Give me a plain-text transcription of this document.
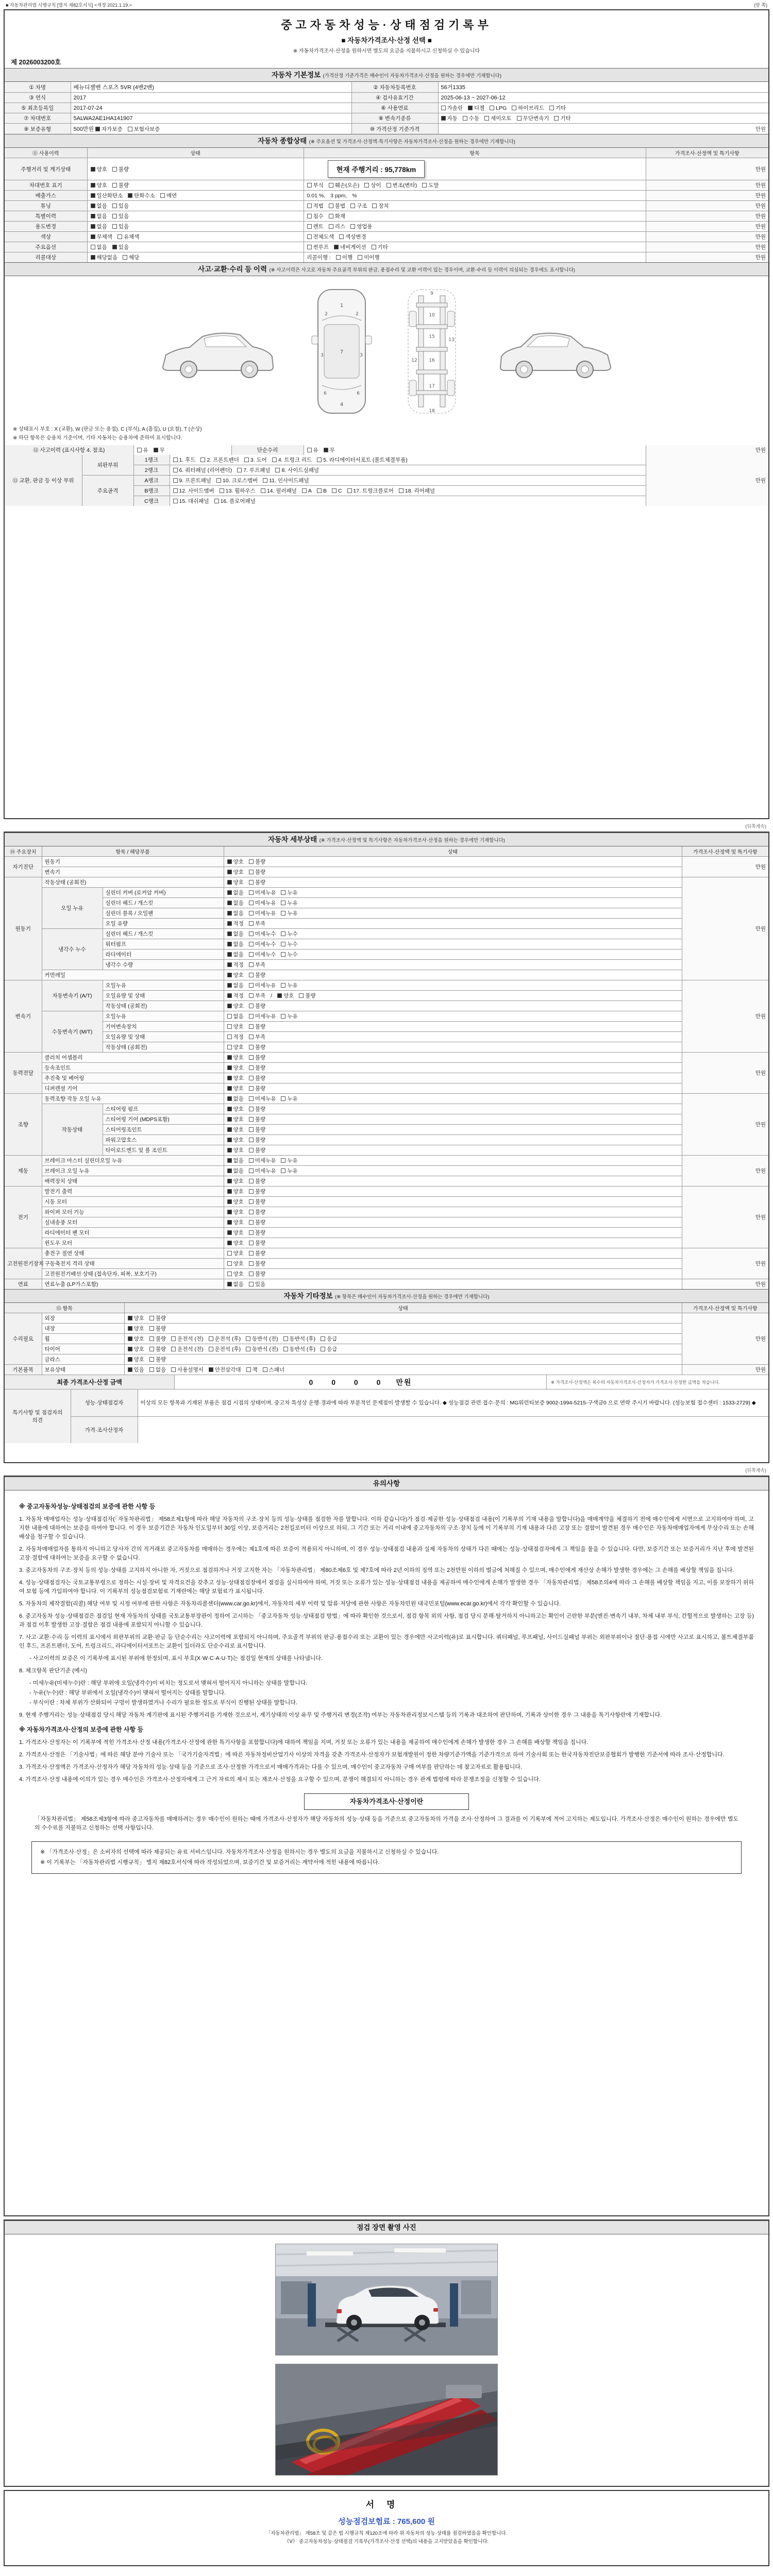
■ 자동차관리법 시행규칙 [별지 제82호서식] <개정 2021.1.19.>	(앞 쪽)
중고자동차성능·상태점검기록부
■ 자동차가격조사·산정 선택 ■
※ 자동차가격조사·산정을 원하시면 별도의 요금을 지불하시고 신청하실 수 있습니다
제 2026003200호
자동차 기본정보 (가격산정 기준가격은 매수인이 자동차가격조사·산정을 원하는 경우에만 기재합니다)
① 차명	베뉴디젤밴 스포츠 5VR (4밴2밴)	② 자동차등록번호	56거1335
③ 연식	2017	④ 검사유효기간	2025-06-13 ~ 2027-06-12
⑤ 최초등록일	2017-07-24	⑥ 사용연료	가솔린 디젤 LPG 하이브리드 기타
⑦ 차대번호	5ALWA2AE1HA141907	⑧ 변속기종류	자동 수동 세미오토 무단변속기 기타
⑨ 보증유형	500만원 자가보증 보험사보증	⑩ 가격산정 기준가격	만원
자동차 종합상태 (※ 주요옵션 및 가격조사·산정액·특기사항은 자동차가격조사·산정을 원하는 경우에만 기재합니다)
⑪ 사용이력	상태	항목	가격조사·산정액 및 특기사항
주행거리 및 계기상태	양호 불량	현재 주행거리 : 95,778km	만원
차대번호 표기	양호 불량	부식 훼손(오손) 상이 변조(변타) 도말	만원
배출가스	일산화탄소 탄화수소 매연	0.01 %, 3 ppm, %	만원
튜닝	없음 있음	적법 불법 구조 장치	만원
특별이력	없음 있음	침수 화재	만원
용도변경	없음 있음	렌트 리스 영업용	만원
색상	무채색 유채색	전체도색 색상변경	만원
주요옵션	없음 있음	썬루프 네비게이션 기타	만원
리콜대상	해당없음 해당	리콜이행 : 이행 미이행	만원
사고·교환·수리 등 이력 (※ 사고이력은 사고로 자동차 주요골격 부위의 판금, 용접수리 및 교환 이력이 있는 경우이며, 교환·수리 등 이력이 의심되는 경우에도 표시합니다)
1
2	2
3	3
7
6	6
4
9
10
12
13
15
16
17
18
※ 상태표시 부호 : X (교환), W (판금 또는 용접), C (부식), A (흠집), U (요철), T (손상)
※ 하단 항목은 승용차 기준이며, 기타 자동차는 승용차에 준하여 표시합니다.
⑫ 사고이력 (표시사항 4. 참조)	유 무	단순수리	유 무	만원
⑬ 교환, 판금 등 이상 부위	외판부위	1랭크	1. 후드 2. 프론트펜더 3. 도어 4. 트렁크 리드 5. 라디에이터서포트 (볼트체결부품)	만원
		2랭크	6. 쿼터패널 (리어펜더) 7. 루프패널 8. 사이드실패널	
	주요골격	A랭크	9. 프론트패널 10. 크로스멤버 11. 인사이드패널	
		B랭크	12. 사이드멤버 13. 휠하우스 14. 필러패널 A B C 17. 트렁크플로어 18. 리어패널	
		C랭크	15. 대쉬패널 16. 플로어패널	
(뒤쪽계속)
자동차 세부상태 (※ 가격조사·산정액 및 특기사항은 자동차가격조사·산정을 원하는 경우에만 기재합니다)
⑭ 주요장치	항목 / 해당부품		상태	가격조사·산정액 및 특기사항
자기진단	원동기		양호 불량	만원
	변속기		양호 불량	
원동기	작동상태 (공회전)		양호 불량	만원
	오일 누유	실린더 커버 (로커암 커버)	없음 미세누유 누유	
		실린더 헤드 / 개스킷	없음 미세누유 누유	
		실린더 블록 / 오일팬	없음 미세누유 누유	
		오일 유량	적정 부족	
	냉각수 누수	실린더 헤드 / 개스킷	없음 미세누수 누수	
		워터펌프	없음 미세누수 누수	
		라디에이터	없음 미세누수 누수	
		냉각수 수량	적정 부족	
	커먼레일		양호 불량	
변속기	자동변속기 (A/T)	오일누유	없음 미세누유 누유	만원
		오일유량 및 상태	적정 부족 / 양호 불량	
		작동상태 (공회전)	양호 불량	
	수동변속기 (M/T)	오일누유	없음 미세누유 누유	
		기어변속장치	양호 불량	
		오일유량 및 상태	적정 부족	
		작동상태 (공회전)	양호 불량	
동력전달	클러치 어셈블리		양호 불량	만원
	등속조인트		양호 불량	
	추진축 및 베어링		양호 불량	
	디퍼렌셜 기어		양호 불량	
조향	동력조향 작동 오일 누유		없음 미세누유 누유	만원
	작동상태	스티어링 펌프	양호 불량	
		스티어링 기어 (MDPS포함)	양호 불량	
		스티어링조인트	양호 불량	
		파워고압호스	양호 불량	
		타이로드엔드 및 볼 조인트	양호 불량	
제동	브레이크 마스터 실린더오일 누유		없음 미세누유 누유	만원
	브레이크 오일 누유		없음 미세누유 누유	
	배력장치 상태		양호 불량	
전기	발전기 출력		양호 불량	만원
	시동 모터		양호 불량	
	와이퍼 모터 기능		양호 불량	
	실내송풍 모터		양호 불량	
	라디에이터 팬 모터		양호 불량	
	윈도우 모터		양호 불량	
고전원전기장치	충전구 절연 상태		양호 불량	만원
	구동축전지 격리 상태		양호 불량	
	고전원전기배선 상태 (접속단자, 피복, 보호기구)		양호 불량	
연료	연료누출 (LP가스포함)		없음 있음	만원
자동차 기타정보 (※ 항목은 매수인이 자동차가격조사·산정을 원하는 경우에만 기재합니다)
⑮ 항목		상태	가격조사·산정액 및 특기사항
수리필요	외장	양호 불량	만원
	내장	양호 불량	
	휠	양호 불량 운전석 (전) 운전석 (후) 동반석 (전) 동반석 (후) 응급	
	타이어	양호 불량 운전석 (전) 운전석 (후) 동반석 (전) 동반석 (후) 응급	
	글라스	양호 불량	
기본품목	보유상태	있음 없음 사용설명서 안전삼각대 잭 스패너	만원
최종 가격조사·산정 금액	0 0 0 0 만원	※ 가격조사·산정액은 복수의 자동차가격조사·산정자가 가격조사·산정한 금액을 적습니다.
특기사항 및 점검자의 의견	성능·상태점검자	이상의 모든 항목과 기재된 부품은 점검 시점의 상태이며, 중고차 특성상 운행·경과에 따라 부분적인 문제점이 발생할 수 있습니다. ◆ 성능점검 관련 접수·문의 : MG워런티보증 9002-1994-5215-구색금0 으로 연락 주시기 바랍니다. (성능보험 접수센터 : 1533-2729) ◆
	가격·조사산정자	
(뒤쪽계속)
유의사항
※ 중고자동차성능·상태점검의 보증에 관한 사항 등
1. 자동차 매매업자는 성능·상태점검자(「자동차관리법」 제58조제1항에 따라 해당 자동차의 구조·장치 등의 성능·상태를 점검한 자를 말합니다. 이하 같습니다)가 점검·제공한 성능·상태점검 내용(이 기록부의 기재 내용을 말합니다)을 매매계약을 체결하기 전에 매수인에게 서면으로 고지하여야 하며, 고지한 내용에 대하여는 보증을 하여야 합니다. 이 경우 보증기간은 자동차 인도일부터 30일 이상, 보증거리는 2천킬로미터 이상으로 하되, 그 기간 또는 거리 이내에 중고자동차의 구조·장치 등에 이 기록부의 기재 내용과 다른 고장 또는 결함이 발견된 경우 매수인은 자동차매매업자에게 무상수리 또는 손해배상을 청구할 수 있습니다.
2. 자동차매매업자를 통하지 아니하고 당사자 간의 직거래로 중고자동차를 매매하는 경우에는 제1호에 따른 보증이 적용되지 아니하며, 이 경우 성능·상태점검 내용과 실제 자동차의 상태가 다른 때에는 성능·상태점검자에게 그 책임을 물을 수 있습니다. 다만, 보증기간 또는 보증거리가 지난 후에 발견된 고장·결함에 대하여는 보증을 요구할 수 없습니다.
3. 중고자동차의 구조·장치 등의 성능·상태를 고지하지 아니한 자, 거짓으로 점검하거나 거짓 고지한 자는 「자동차관리법」 제80조제6호 및 제7호에 따라 2년 이하의 징역 또는 2천만원 이하의 벌금에 처해질 수 있으며, 매수인에게 재산상 손해가 발생한 경우에는 그 손해를 배상할 책임을 집니다.
4. 성능·상태점검자는 국토교통부령으로 정하는 시설·장비 및 자격요건을 갖추고 성능·상태점검장에서 점검을 실시하여야 하며, 거짓 또는 오류가 있는 성능·상태점검 내용을 제공하여 매수인에게 손해가 발생한 경우 「자동차관리법」 제58조의4에 따라 그 손해를 배상할 책임을 지고, 이를 보장하기 위하여 보험 등에 가입하여야 합니다. 이 기록부의 성능점검보험료 기재란에는 해당 보험료가 표시됩니다.
5. 자동차의 제작결함(리콜) 해당 여부 및 시정 여부에 관한 사항은 자동차리콜센터(www.car.go.kr)에서, 자동차의 세부 이력 및 압류·저당에 관한 사항은 자동차민원 대국민포털(www.ecar.go.kr)에서 각각 확인할 수 있습니다.
6. 중고자동차 성능·상태점검은 점검일 현재 자동차의 상태를 국토교통부장관이 정하여 고시하는 「중고자동차 성능·상태점검 방법」에 따라 확인한 것으로서, 점검 항목 외의 사항, 점검 당시 분해·탈거하지 아니하고는 확인이 곤란한 부분(엔진·변속기 내부, 차체 내부 부식, 간헐적으로 발생하는 고장 등)과 점검 이후 발생한 고장·결함은 점검 내용에 포함되지 아니할 수 있습니다.
7. 사고·교환·수리 등 이력의 표시에서 외판부위의 교환·판금 등 단순수리는 사고이력에 포함되지 아니하며, 주요골격 부위의 판금·용접수리 또는 교환이 있는 경우에만 사고이력(유)로 표시합니다. 쿼터패널, 루프패널, 사이드실패널 부위는 외판부위이나 절단·용접 시에만 사고로 표시하고, 볼트체결부품인 후드, 프론트펜더, 도어, 트렁크리드, 라디에이터서포트는 교환이 있더라도 단순수리로 표시합니다.
- 사고이력의 보증은 이 기록부에 표시된 부위에 한정되며, 표시 부호(X·W·C·A·U·T)는 점검일 현재의 상태를 나타냅니다.
8. 체크항목 판단기준 (예시)
- 미세누유(미세누수)란 : 해당 부위에 오일(냉각수)이 비치는 정도로서 맺혀서 떨어지지 아니하는 상태를 말합니다.
- 누유(누수)란 : 해당 부위에서 오일(냉각수)이 맺혀서 떨어지는 상태를 말합니다.
- 부식이란 : 차체 부위가 산화되어 구멍이 발생하였거나 수리가 필요한 정도로 부식이 진행된 상태를 말합니다.
9. 현재 주행거리는 성능·상태점검 당시 해당 자동차 계기판에 표시된 주행거리를 기재한 것으로서, 계기상태의 이상 유무 및 주행거리 변경(조작) 여부는 자동차관리정보시스템 등의 기록과 대조하여 판단하며, 기록과 상이한 경우 그 내용을 특기사항란에 기재합니다.
※ 자동차가격조사·산정의 보증에 관한 사항 등
1. 가격조사·산정자는 이 기록부에 적힌 가격조사·산정 내용(가격조사·산정에 관한 특기사항을 포함합니다)에 대하여 책임을 지며, 거짓 또는 오류가 있는 내용을 제공하여 매수인에게 손해가 발생한 경우 그 손해를 배상할 책임을 집니다.
2. 가격조사·산정은 「기술사법」에 따른 해당 분야 기술사 또는 「국가기술자격법」에 따른 자동차정비산업기사 이상의 자격을 갖춘 가격조사·산정자가 보험개발원이 정한 차량기준가액을 기준가격으로 하여 기술사회 또는 한국자동차진단보증협회가 발행한 기준서에 따라 조사·산정합니다.
3. 가격조사·산정액은 가격조사·산정자가 해당 자동차의 성능·상태 등을 기준으로 조사·산정한 가격으로서 매매가격과는 다를 수 있으며, 매수인이 중고자동차 구매 여부를 판단하는 데 참고자료로 활용됩니다.
4. 가격조사·산정 내용에 이의가 있는 경우 매수인은 가격조사·산정자에게 그 근거 자료의 제시 또는 재조사·산정을 요구할 수 있으며, 분쟁이 해결되지 아니하는 경우 관계 법령에 따라 분쟁조정을 신청할 수 있습니다.
자동차가격조사·산정이란
「자동차관리법」 제58조제3항에 따라 중고자동차를 매매하려는 경우 매수인이 원하는 때에 가격조사·산정자가 해당 자동차의 성능·상태 등을 기준으로 중고자동차의 가격을 조사·산정하여 그 결과를 이 기록부에 적어 고지하는 제도입니다. 가격조사·산정은 매수인이 원하는 경우에만 별도의 수수료를 지불하고 신청하는 선택 사항입니다.
※ 「가격조사·산정」은 소비자의 선택에 따라 제공되는 유료 서비스입니다. 자동차가격조사·산정을 원하시는 경우 별도의 요금을 지불하시고 신청하실 수 있습니다.
※ 이 기록부는 「자동차관리법 시행규칙」 별지 제82호서식에 따라 작성되었으며, 보증기간 및 보증거리는 계약서에 적힌 내용에 따릅니다.
점검 장면 촬영 사진
서명
성능점검보험료 : 765,600 원
「자동차관리법」 제58조 및 같은 법 시행규칙 제120조에 따라 위 자동차의 성능·상태를 점검하였음을 확인합니다.
《Ⅴ》 중고자동차성능·상태점검 기록부(가격조사·산정 선택)의 내용을 고지받았음을 확인합니다.
